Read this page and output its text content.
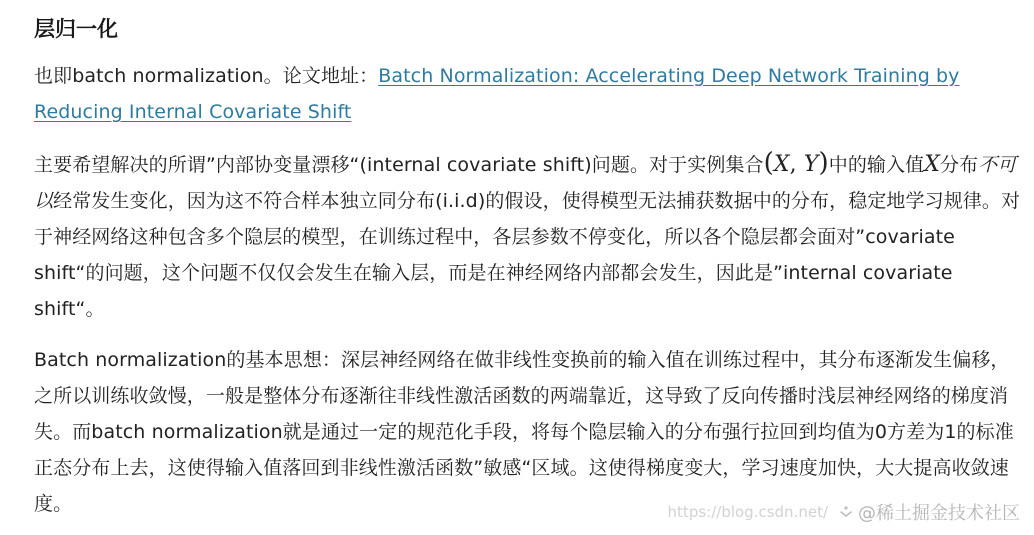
层归一化

也即batch normalization。论文地址：Batch Normalization: Accelerating Deep Network Training by Reducing Internal Covariate Shift

主要希望解决的所谓”内部协变量漂移“(internal covariate shift)问题。对于实例集合(X, Y)中的输入值X分布不可以经常发生变化，因为这不符合样本独立同分布(i.i.d)的假设，使得模型无法捕获数据中的分布，稳定地学习规律。对于神经网络这种包含多个隐层的模型，在训练过程中，各层参数不停变化，所以各个隐层都会面对”covariate shift“的问题，这个问题不仅仅会发生在输入层，而是在神经网络内部都会发生，因此是”internal covariate shift“。

Batch normalization的基本思想：深层神经网络在做非线性变换前的输入值在训练过程中，其分布逐渐发生偏移，之所以训练收敛慢，一般是整体分布逐渐往非线性激活函数的两端靠近，这导致了反向传播时浅层神经网络的梯度消失。而batch normalization就是通过一定的规范化手段，将每个隐层输入的分布强行拉回到均值为0方差为1的标准正态分布上去，这使得输入值落回到非线性激活函数”敏感“区域。这使得梯度变大，学习速度加快，大大提高收敛速度。	https://blog.csdn.net/ @稀土掘金技术社区
